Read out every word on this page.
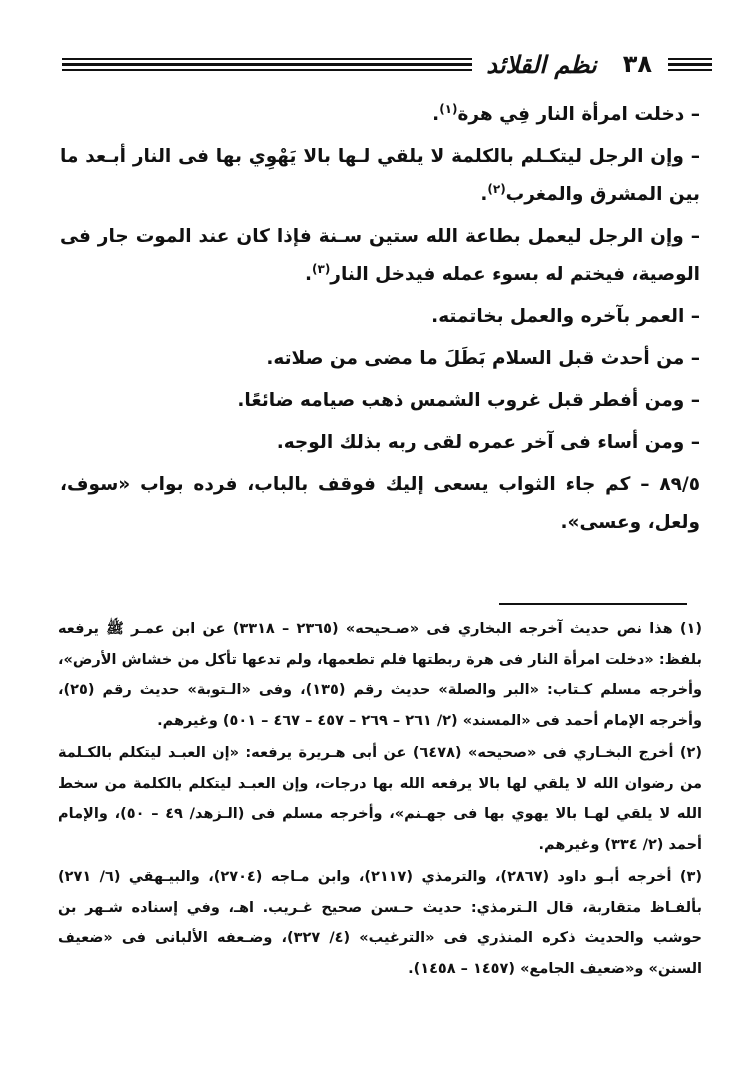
٣٨
نظم القلائد

– دخلت امرأة النار فِي هرة$^{(١)}$.

– وإن الرجل ليتكـلم بالكلمة لا يلقي لـها بالا يَهْوِي بها فى النار أبـعد ما بين المشرق والمغرب$^{(٢)}$.

– وإن الرجل ليعمل بطاعة الله ستين سـنة فإذا كان عند الموت جار فى الوصية، فيختم له بسوء عمله فيدخل النار$^{(٣)}$.

– العمر بآخره والعمل بخاتمته.

– من أحدث قبل السلام بَطَلَ ما مضى من صلاته.

– ومن أفطر قبل غروب الشمس ذهب صيامه ضائعًا.

– ومن أساء فى آخر عمره لقى ربه بذلك الوجه.

٨٩/٥ – كم جاء الثواب يسعى إليك فوقف بالباب، فرده بواب «سوف، ولعل، وعسى».

(١) هذا نص حديث آخرجه البخاري فى «صـحيحه» (٢٣٦٥ – ٣٣١٨) عن ابن عمـر ﷺ يرفعه بلفظ: «دخلت امرأة النار فى هرة ربطتها فلم تطعمها، ولم تدعها تأكل من خشاش الأرض»، وأخرجه مسلم كـتاب: «البر والصلة» حديث رقم (١٣٥)، وفى «الـتوبة» حديث رقم (٢٥)، وأخرجه الإمام أحمد فى «المسند» (٢/ ٢٦١ – ٢٦٩ – ٤٥٧ – ٤٦٧ – ٥٠١) وغيرهم.

(٢) أخرج البخـاري فى «صحيحه» (٦٤٧٨) عن أبى هـريرة يرفعه: «إن العبـد ليتكلم بالكـلمة من رضوان الله لا يلقي لها بالا يرفعه الله بها درجات، وإن العبـد ليتكلم بالكلمة من سخط الله لا يلقي لهـا بالا يهوي بها فى جهـنم»، وأخرجه مسلم فى (الـزهد/ ٤٩ – ٥٠)، والإمام أحمد (٢/ ٣٣٤) وغيرهم.

(٣) أخرجه أبـو داود (٢٨٦٧)، والترمذي (٢١١٧)، وابن مـاجه (٢٧٠٤)، والبيـهقي (٦/ ٢٧١) بألفـاظ متقاربة، قال الـترمذي: حديث حـسن صحيح غـريب. اهـ، وفي إسناده شـهر بن حوشب والحديث ذكره المنذري فى «الترغيب» (٤/ ٣٢٧)، وضـعفه الألبانى فى «ضعيف السنن» و«ضعيف الجامع» (١٤٥٧ – ١٤٥٨).
